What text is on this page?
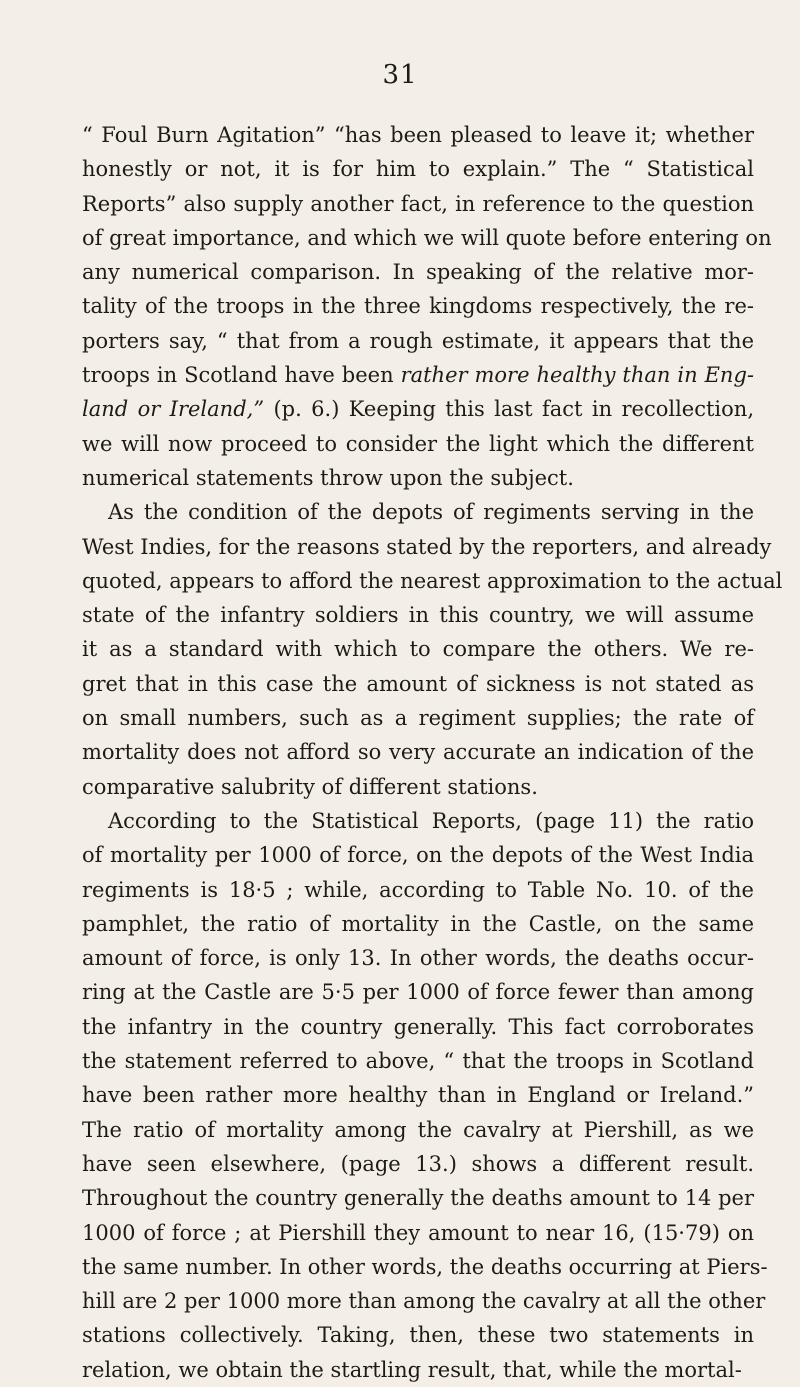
31
“ Foul Burn Agitation” “has been pleased to leave it; whether
honestly or not, it is for him to explain.” The “ Statistical
Reports” also supply another fact, in reference to the question
of great importance, and which we will quote before entering on
any numerical comparison. In speaking of the relative mor-
tality of the troops in the three kingdoms respectively, the re-
porters say, “ that from a rough estimate, it appears that the
troops in Scotland have been rather more healthy than in Eng-
land or Ireland,” (p. 6.) Keeping this last fact in recollection,
we will now proceed to consider the light which the different
numerical statements throw upon the subject.
As the condition of the depots of regiments serving in the
West Indies, for the reasons stated by the reporters, and already
quoted, appears to afford the nearest approximation to the actual
state of the infantry soldiers in this country, we will assume
it as a standard with which to compare the others. We re-
gret that in this case the amount of sickness is not stated as
on small numbers, such as a regiment supplies; the rate of
mortality does not afford so very accurate an indication of the
comparative salubrity of different stations.
According to the Statistical Reports, (page 11) the ratio
of mortality per 1000 of force, on the depots of the West India
regiments is 18·5 ; while, according to Table No. 10. of the
pamphlet, the ratio of mortality in the Castle, on the same
amount of force, is only 13. In other words, the deaths occur-
ring at the Castle are 5·5 per 1000 of force fewer than among
the infantry in the country generally. This fact corroborates
the statement referred to above, “ that the troops in Scotland
have been rather more healthy than in England or Ireland.”
The ratio of mortality among the cavalry at Piershill, as we
have seen elsewhere, (page 13.) shows a different result.
Throughout the country generally the deaths amount to 14 per
1000 of force ; at Piershill they amount to near 16, (15·79) on
the same number. In other words, the deaths occurring at Piers-
hill are 2 per 1000 more than among the cavalry at all the other
stations collectively. Taking, then, these two statements in
relation, we obtain the startling result, that, while the mortal-
